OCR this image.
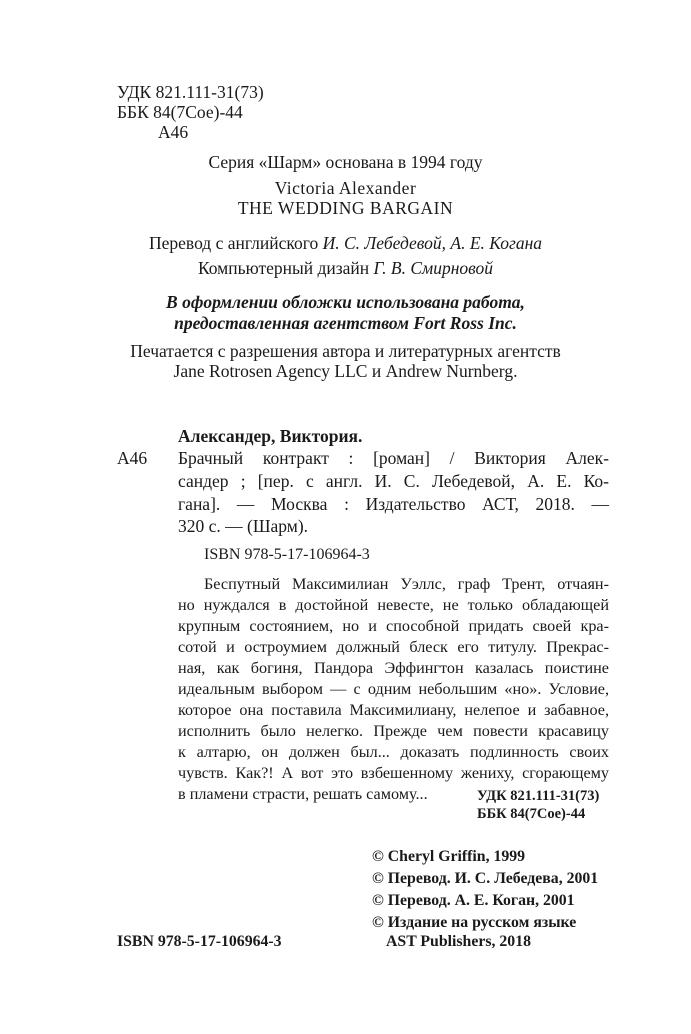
УДК 821.111-31(73)
ББК 84(7Сое)-44
А46
Серия «Шарм» основана в 1994 году
Victoria Alexander
THE WEDDING BARGAIN
Перевод с английского И. С. Лебедевой, А. Е. Когана
Компьютерный дизайн Г. В. Смирновой
В оформлении обложки использована работа,
предоставленная агентством Fort Ross Inc.
Печатается с разрешения автора и литературных агентств
Jane Rotrosen Agency LLC и Andrew Nurnberg.
Александер, Виктория.
А46 Брачный контракт : [роман] / Виктория Алек-
сандер ; [пер. с англ. И. С. Лебедевой, А. Е. Ко-
гана]. — Москва : Издательство АСТ, 2018. —
320 с. — (Шарм).
ISBN 978-5-17-106964-3
Беспутный Максимилиан Уэллс, граф Трент, отчаян-
но нуждался в достойной невесте, не только обладающей
крупным состоянием, но и способной придать своей кра-
сотой и остроумием должный блеск его титулу. Прекрас-
ная, как богиня, Пандора Эффингтон казалась поистине
идеальным выбором — с одним небольшим «но». Условие,
которое она поставила Максимилиану, нелепое и забавное,
исполнить было нелегко. Прежде чем повести красавицу
к алтарю, он должен был... доказать подлинность своих
чувств. Как?! А вот это взбешенному жениху, сгорающему
в пламени страсти, решать самому...	УДК 821.111-31(73)
ББК 84(7Сое)-44
© Cheryl Griffin, 1999
© Перевод. И. С. Лебедева, 2001
© Перевод. А. Е. Коган, 2001
© Издание на русском языке
AST Publishers, 2018
ISBN 978-5-17-106964-3
